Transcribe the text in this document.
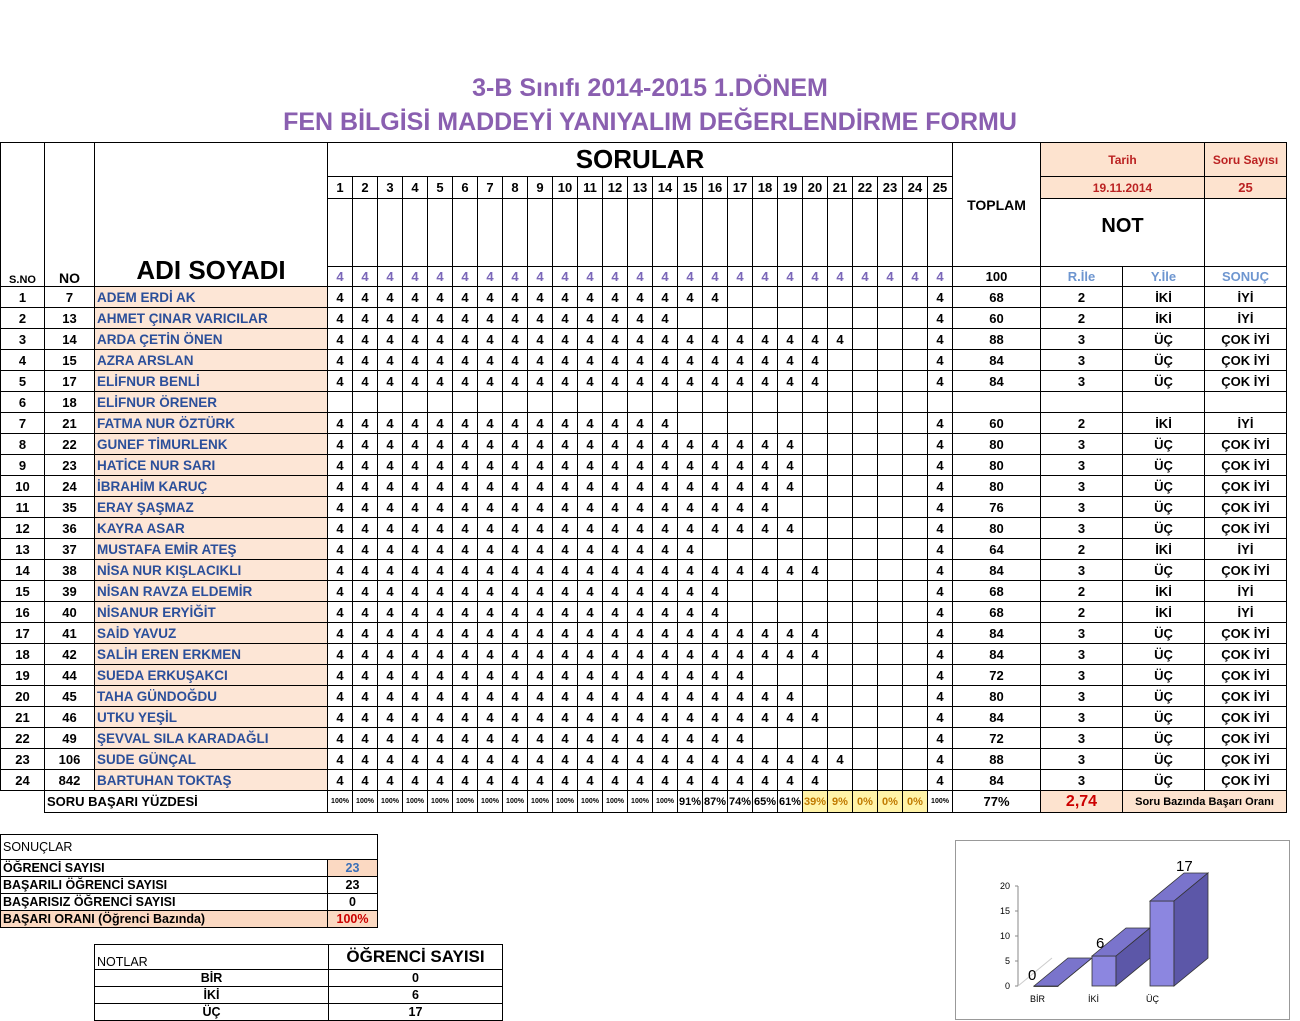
3-B Sınıfı 2014-2015 1.DÖNEM
FEN BİLGİSİ MADDEYİ YANIYALIM DEĞERLENDİRME FORMU
S.NO	NO	ADI SOYADI	SORULAR																									TOPLAM	Tarih		Soru Sayısı
			1	2	3	4	5	6	7	8	9	10	11	12	13	14	15	16	17	18	19	20	21	22	23	24	25		19.11.2014		25
																													NOT		
			4	4	4	4	4	4	4	4	4	4	4	4	4	4	4	4	4	4	4	4	4	4	4	4	4	100	R.İle	Y.İle	SONUÇ
1	7	ADEM ERDİ AK	4	4	4	4	4	4	4	4	4	4	4	4	4	4	4	4									4	68	2	İKİ	İYİ
2	13	AHMET ÇINAR VARICILAR	4	4	4	4	4	4	4	4	4	4	4	4	4	4											4	60	2	İKİ	İYİ
3	14	ARDA ÇETİN ÖNEN	4	4	4	4	4	4	4	4	4	4	4	4	4	4	4	4	4	4	4	4	4				4	88	3	ÜÇ	ÇOK İYİ
4	15	AZRA ARSLAN	4	4	4	4	4	4	4	4	4	4	4	4	4	4	4	4	4	4	4	4					4	84	3	ÜÇ	ÇOK İYİ
5	17	ELİFNUR BENLİ	4	4	4	4	4	4	4	4	4	4	4	4	4	4	4	4	4	4	4	4					4	84	3	ÜÇ	ÇOK İYİ
6	18	ELİFNUR ÖRENER																													
7	21	FATMA NUR ÖZTÜRK	4	4	4	4	4	4	4	4	4	4	4	4	4	4											4	60	2	İKİ	İYİ
8	22	GUNEF TİMURLENK	4	4	4	4	4	4	4	4	4	4	4	4	4	4	4	4	4	4	4						4	80	3	ÜÇ	ÇOK İYİ
9	23	HATİCE NUR SARI	4	4	4	4	4	4	4	4	4	4	4	4	4	4	4	4	4	4	4						4	80	3	ÜÇ	ÇOK İYİ
10	24	İBRAHİM KARUÇ	4	4	4	4	4	4	4	4	4	4	4	4	4	4	4	4	4	4	4						4	80	3	ÜÇ	ÇOK İYİ
11	35	ERAY ŞAŞMAZ	4	4	4	4	4	4	4	4	4	4	4	4	4	4	4	4	4	4							4	76	3	ÜÇ	ÇOK İYİ
12	36	KAYRA ASAR	4	4	4	4	4	4	4	4	4	4	4	4	4	4	4	4	4	4	4						4	80	3	ÜÇ	ÇOK İYİ
13	37	MUSTAFA EMİR ATEŞ	4	4	4	4	4	4	4	4	4	4	4	4	4	4	4										4	64	2	İKİ	İYİ
14	38	NİSA NUR KIŞLACIKLI	4	4	4	4	4	4	4	4	4	4	4	4	4	4	4	4	4	4	4	4					4	84	3	ÜÇ	ÇOK İYİ
15	39	NİSAN RAVZA ELDEMİR	4	4	4	4	4	4	4	4	4	4	4	4	4	4	4	4									4	68	2	İKİ	İYİ
16	40	NİSANUR ERYİĞİT	4	4	4	4	4	4	4	4	4	4	4	4	4	4	4	4									4	68	2	İKİ	İYİ
17	41	SAİD YAVUZ	4	4	4	4	4	4	4	4	4	4	4	4	4	4	4	4	4	4	4	4					4	84	3	ÜÇ	ÇOK İYİ
18	42	SALİH EREN ERKMEN	4	4	4	4	4	4	4	4	4	4	4	4	4	4	4	4	4	4	4	4					4	84	3	ÜÇ	ÇOK İYİ
19	44	SUEDA ERKUŞAKCI	4	4	4	4	4	4	4	4	4	4	4	4	4	4	4	4	4								4	72	3	ÜÇ	ÇOK İYİ
20	45	TAHA GÜNDOĞDU	4	4	4	4	4	4	4	4	4	4	4	4	4	4	4	4	4	4	4						4	80	3	ÜÇ	ÇOK İYİ
21	46	UTKU YEŞİL	4	4	4	4	4	4	4	4	4	4	4	4	4	4	4	4	4	4	4	4					4	84	3	ÜÇ	ÇOK İYİ
22	49	ŞEVVAL SILA KARADAĞLI	4	4	4	4	4	4	4	4	4	4	4	4	4	4	4	4	4								4	72	3	ÜÇ	ÇOK İYİ
23	106	SUDE GÜNÇAL	4	4	4	4	4	4	4	4	4	4	4	4	4	4	4	4	4	4	4	4	4				4	88	3	ÜÇ	ÇOK İYİ
24	842	BARTUHAN TOKTAŞ	4	4	4	4	4	4	4	4	4	4	4	4	4	4	4	4	4	4	4	4					4	84	3	ÜÇ	ÇOK İYİ
	SORU BAŞARI YÜZDESİ		100%	100%	100%	100%	100%	100%	100%	100%	100%	100%	100%	100%	100%	100%	91%	87%	74%	65%	61%	39%	9%	0%	0%	0%	100%	77%	2,74	Soru Bazında Başarı Oranı	
SONUÇLAR	
ÖĞRENCİ SAYISI	23
BAŞARILI ÖĞRENCİ SAYISI	23
BAŞARISIZ ÖĞRENCİ SAYISI	0
BAŞARI ORANI (Öğrenci Bazında)	100%
NOTLAR	ÖĞRENCİ SAYISI
BİR	0
İKİ	6
ÜÇ	17
0
5
10
15
20
0
BİR
6
İKİ
17
ÜÇ
